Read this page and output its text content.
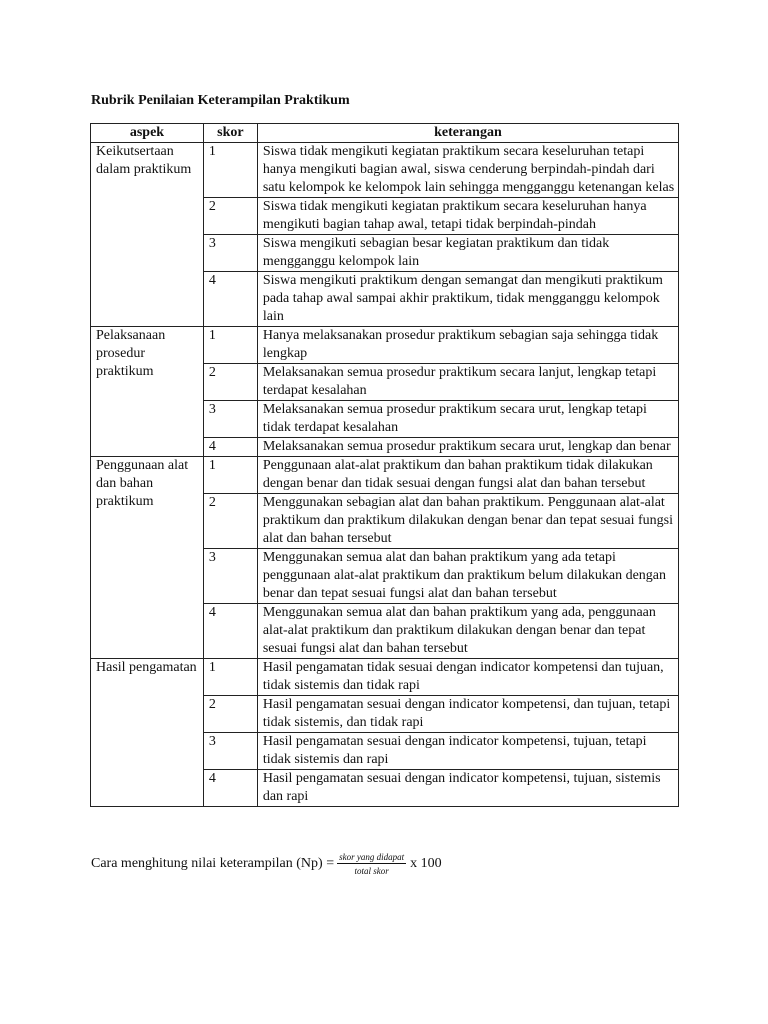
Rubrik Penilaian Keterampilan Praktikum
aspek	skor	keterangan
Keikutsertaan dalam praktikum	1	Siswa tidak mengikuti kegiatan praktikum secara keseluruhan tetapi hanya mengikuti bagian awal, siswa cenderung berpindah-pindah dari satu kelompok ke kelompok lain sehingga mengganggu ketenangan kelas
	2	Siswa tidak mengikuti kegiatan praktikum secara keseluruhan hanya mengikuti bagian tahap awal, tetapi tidak berpindah-pindah
	3	Siswa mengikuti sebagian besar kegiatan praktikum dan tidak mengganggu kelompok lain
	4	Siswa mengikuti praktikum dengan semangat dan mengikuti praktikum pada tahap awal sampai akhir praktikum, tidak mengganggu kelompok lain
Pelaksanaan prosedur praktikum	1	Hanya melaksanakan prosedur praktikum sebagian saja sehingga tidak lengkap
	2	Melaksanakan semua prosedur praktikum secara lanjut, lengkap tetapi terdapat kesalahan
	3	Melaksanakan semua prosedur praktikum secara urut, lengkap tetapi tidak terdapat kesalahan
	4	Melaksanakan semua prosedur praktikum secara urut, lengkap dan benar
Penggunaan alat dan bahan praktikum	1	Penggunaan alat-alat praktikum dan bahan praktikum tidak dilakukan dengan benar dan tidak sesuai dengan fungsi alat dan bahan tersebut
	2	Menggunakan sebagian alat dan bahan praktikum. Penggunaan alat-alat praktikum dan praktikum dilakukan dengan benar dan tepat sesuai fungsi alat dan bahan tersebut
	3	Menggunakan semua alat dan bahan praktikum yang ada tetapi penggunaan alat-alat praktikum dan praktikum belum dilakukan dengan benar dan tepat sesuai fungsi alat dan bahan tersebut
	4	Menggunakan semua alat dan bahan praktikum yang ada, penggunaan alat-alat praktikum dan praktikum dilakukan dengan benar dan tepat sesuai fungsi alat dan bahan tersebut
Hasil pengamatan	1	Hasil pengamatan tidak sesuai dengan indicator kompetensi dan tujuan, tidak sistemis dan tidak rapi
	2	Hasil pengamatan sesuai dengan indicator kompetensi, dan tujuan, tetapi tidak sistemis, dan tidak rapi
	3	Hasil pengamatan sesuai dengan indicator kompetensi, tujuan, tetapi tidak sistemis dan rapi
	4	Hasil pengamatan sesuai dengan indicator kompetensi, tujuan, sistemis dan rapi
Cara menghitung nilai keterampilan $(Np) = \frac{\text{skor yang didapat}}{\text{total skor}}$ x 100
